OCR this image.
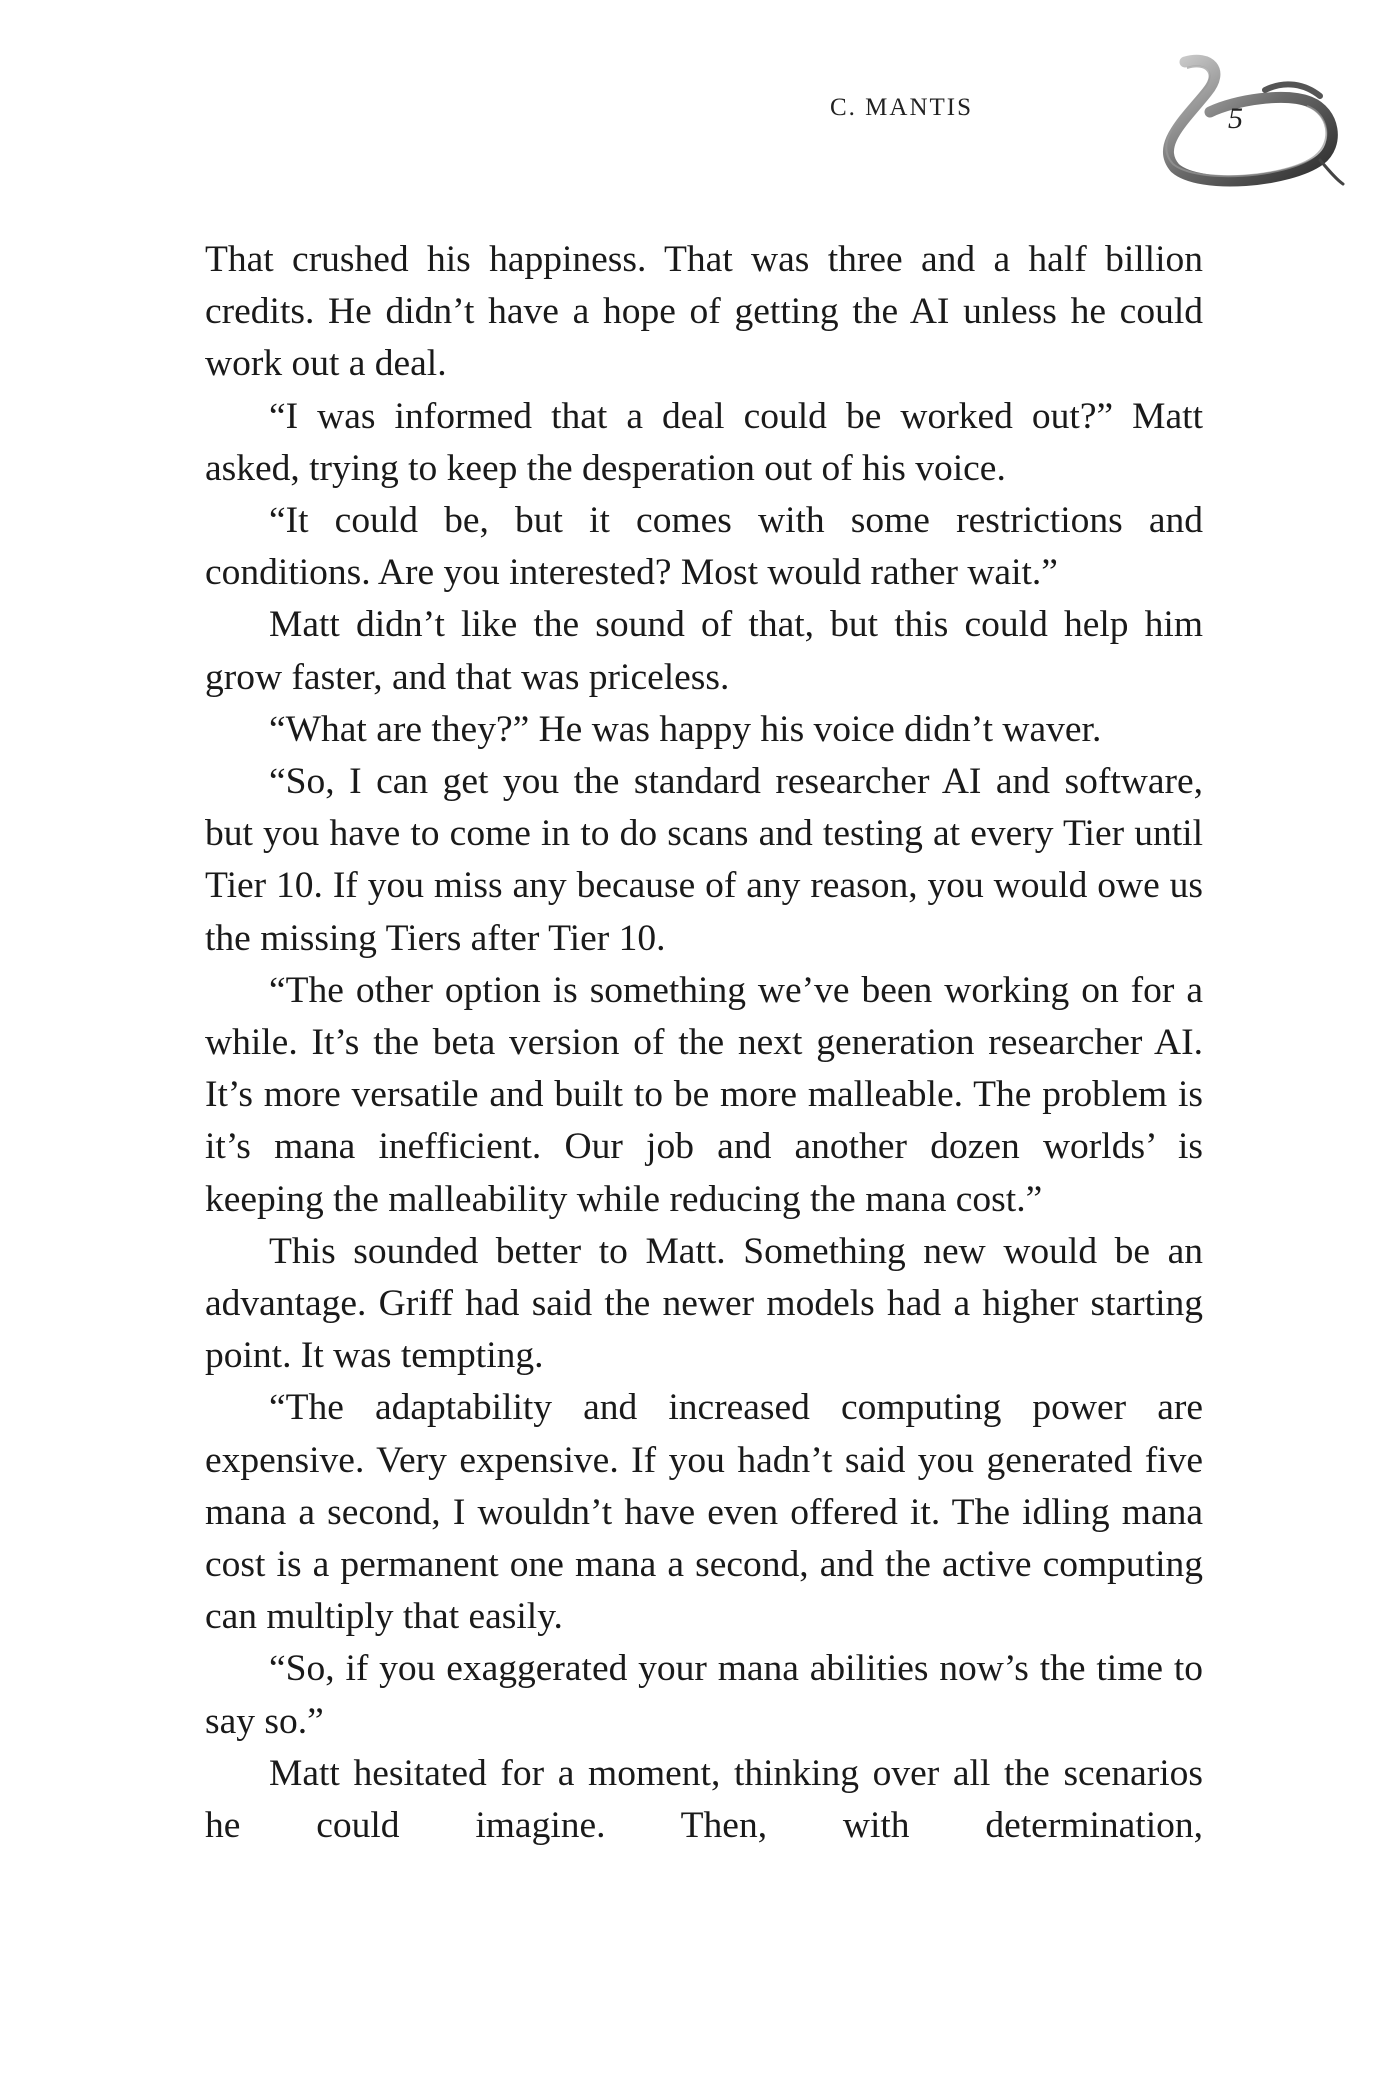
C. MANTIS	5

That crushed his happiness. That was three and a half billion credits. He didn’t have a hope of getting the AI unless he could work out a deal.

“I was informed that a deal could be worked out?” Matt asked, trying to keep the desperation out of his voice.

“It could be, but it comes with some restrictions and conditions. Are you interested? Most would rather wait.”

Matt didn’t like the sound of that, but this could help him grow faster, and that was priceless.

“What are they?” He was happy his voice didn’t waver.

“So, I can get you the standard researcher AI and software, but you have to come in to do scans and testing at every Tier until Tier 10. If you miss any because of any reason, you would owe us the missing Tiers after Tier 10.

“The other option is something we’ve been working on for a while. It’s the beta version of the next generation researcher AI. It’s more versatile and built to be more malleable. The problem is it’s mana inefficient. Our job and another dozen worlds’ is keeping the malleability while reducing the mana cost.”

This sounded better to Matt. Something new would be an advantage. Griff had said the newer models had a higher starting point. It was tempting.

“The adaptability and increased computing power are expensive. Very expensive. If you hadn’t said you generated five mana a second, I wouldn’t have even offered it. The idling mana cost is a permanent one mana a second, and the active computing can multiply that easily.

“So, if you exaggerated your mana abilities now’s the time to say so.”

Matt hesitated for a moment, thinking over all the scenarios he could imagine. Then, with determination,
